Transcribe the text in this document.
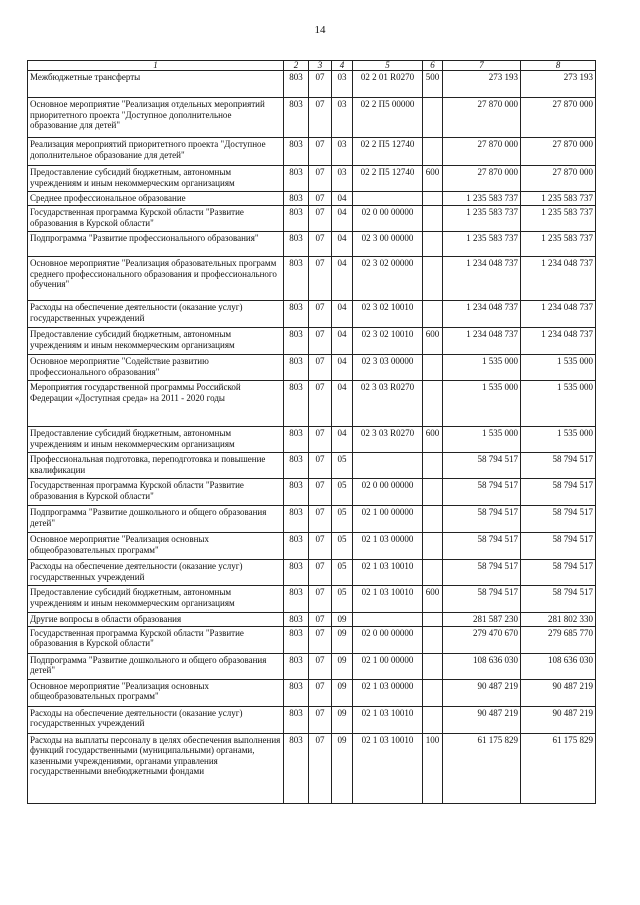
14
1	2	3	4	5	6	7	8
Межбюджетные трансферты	803	07	03	02 2 01 R0270	500	273 193	273 193
Основное мероприятие "Реализация отдельных мероприятий приоритетного проекта "Доступное дополнительное образование для детей"	803	07	03	02 2 П5 00000		27 870 000	27 870 000
Реализация мероприятий приоритетного проекта "Доступное дополнительное образование для детей"	803	07	03	02 2 П5 12740		27 870 000	27 870 000
Предоставление субсидий бюджетным, автономным учреждениям и иным некоммерческим организациям	803	07	03	02 2 П5 12740	600	27 870 000	27 870 000
Среднее профессиональное образование	803	07	04			1 235 583 737	1 235 583 737
Государственная программа Курской области "Развитие образования в Курской области"	803	07	04	02 0 00 00000		1 235 583 737	1 235 583 737
Подпрограмма "Развитие профессионального образования"	803	07	04	02 3 00 00000		1 235 583 737	1 235 583 737
Основное мероприятие "Реализация образовательных программ среднего профессионального образования и профессионального обучения"	803	07	04	02 3 02 00000		1 234 048 737	1 234 048 737
Расходы на обеспечение деятельности (оказание услуг) государственных учреждений	803	07	04	02 3 02 10010		1 234 048 737	1 234 048 737
Предоставление субсидий бюджетным, автономным учреждениям и иным некоммерческим организациям	803	07	04	02 3 02 10010	600	1 234 048 737	1 234 048 737
Основное мероприятие "Содействие развитию профессионального образования"	803	07	04	02 3 03 00000		1 535 000	1 535 000
Мероприятия государственной программы Российской Федерации «Доступная среда» на 2011 - 2020 годы	803	07	04	02 3 03 R0270		1 535 000	1 535 000
Предоставление субсидий бюджетным, автономным учреждениям и иным некоммерческим организациям	803	07	04	02 3 03 R0270	600	1 535 000	1 535 000
Профессиональная подготовка, переподготовка и повышение квалификации	803	07	05			58 794 517	58 794 517
Государственная программа Курской области "Развитие образования в Курской области"	803	07	05	02 0 00 00000		58 794 517	58 794 517
Подпрограмма "Развитие дошкольного и общего образования детей"	803	07	05	02 1 00 00000		58 794 517	58 794 517
Основное мероприятие "Реализация основных общеобразовательных программ"	803	07	05	02 1 03 00000		58 794 517	58 794 517
Расходы на обеспечение деятельности (оказание услуг) государственных учреждений	803	07	05	02 1 03 10010		58 794 517	58 794 517
Предоставление субсидий бюджетным, автономным учреждениям и иным некоммерческим организациям	803	07	05	02 1 03 10010	600	58 794 517	58 794 517
Другие вопросы в области образования	803	07	09			281 587 230	281 802 330
Государственная программа Курской области "Развитие образования в Курской области"	803	07	09	02 0 00 00000		279 470 670	279 685 770
Подпрограмма "Развитие дошкольного и общего образования детей"	803	07	09	02 1 00 00000		108 636 030	108 636 030
Основное мероприятие "Реализация основных общеобразовательных программ"	803	07	09	02 1 03 00000		90 487 219	90 487 219
Расходы на обеспечение деятельности (оказание услуг) государственных учреждений	803	07	09	02 1 03 10010		90 487 219	90 487 219
Расходы на выплаты персоналу в целях обеспечения выполнения функций государственными (муниципальными) органами, казенными учреждениями, органами управления государственными внебюджетными фондами	803	07	09	02 1 03 10010	100	61 175 829	61 175 829
